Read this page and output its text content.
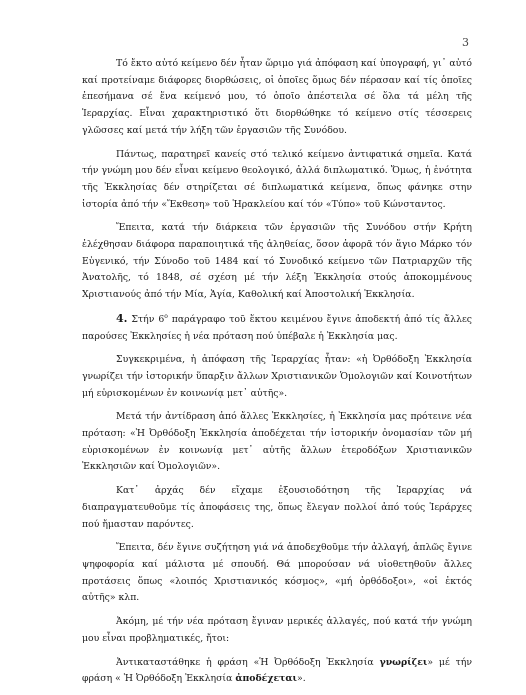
3

Τό ἔκτο αὐτό κείμενο δέν ἦταν ὥριμο γιά ἀπόφαση καί ὑπογραφή, γι᾿ αὐτό καί προτείναμε διάφορες διορθώσεις, οἱ ὁποῖες ὅμως δέν πέρασαν καί τίς ὁποῖες ἐπεσήμανα σέ ἕνα κείμενό μου, τό ὁποῖο ἀπέστειλα σέ ὅλα τά μέλη τῆς Ἱεραρχίας. Εἶναι χαρακτηριστικό ὅτι διορθώθηκε τό κείμενο στίς τέσσερεις γλῶσσες καί μετά τήν λήξη τῶν ἐργασιῶν τῆς Συνόδου.

Πάντως, παρατηρεῖ κανείς στό τελικό κείμενο ἀντιφατικά σημεῖα. Κατά τήν γνώμη μου δέν εἶναι κείμενο θεολογικό, ἀλλά διπλωματικό. Ὅμως, ἡ ἑνότητα τῆς Ἐκκλησίας δέν στηρίζεται σέ διπλωματικά κείμενα, ὅπως φάνηκε στην ἱστορία ἀπό τήν «Ἔκθεση» τοῦ Ἡρακλείου καί τόν «Τύπο» τοῦ Κώνσταντος.

Ἔπειτα, κατά τήν διάρκεια τῶν ἐργασιῶν τῆς Συνόδου στήν Κρήτη ἐλέχθησαν διάφορα παραποιητικά τῆς ἀληθείας, ὅσον ἀφορᾶ τόν ἅγιο Μάρκο τόν Εὐγενικό, τήν Σύνοδο τοῦ 1484 καί τό Συνοδικό κείμενο τῶν Πατριαρχῶν τῆς Ἀνατολῆς, τό 1848, σέ σχέση μέ τήν λέξη Ἐκκλησία στούς ἀποκομμένους Χριστιανούς ἀπό τήν Μία, Ἁγία, Καθολική καί Ἀποστολική Ἐκκλησία.

4. Στήν $6^o$ παράγραφο τοῦ ἕκτου κειμένου ἔγινε ἀποδεκτή ἀπό τίς ἄλλες παρούσες Ἐκκλησίες ἡ νέα πρόταση πού ὑπέβαλε ἡ Ἐκκλησία μας.

Συγκεκριμένα, ἡ ἀπόφαση τῆς Ἱεραρχίας ἦταν: «ἡ Ὀρθόδοξη Ἐκκλησία γνωρίζει τήν ἱστορικήν ὕπαρξιν ἄλλων Χριστιανικῶν Ὁμολογιῶν καί Κοινοτήτων μή εὑρισκομένων ἐν κοινωνίᾳ μετ᾿ αὐτῆς».

Μετά τήν ἀντίδραση ἀπό ἄλλες Ἐκκλησίες, ἡ Ἐκκλησία μας πρότεινε νέα πρόταση: «Ἡ Ὀρθόδοξη Ἐκκλησία ἀποδέχεται τήν ἱστορικήν ὀνομασίαν τῶν μή εὑρισκομένων ἐν κοινωνίᾳ μετ᾿ αὐτῆς ἄλλων ἑτεροδόξων Χριστιανικῶν Ἐκκλησιῶν καί Ὁμολογιῶν».

Κατ᾿ ἀρχάς δέν εἴχαμε ἐξουσιοδότηση τῆς Ἱεραρχίας νά διαπραγματευθοῦμε τίς ἀποφάσεις της, ὅπως ἔλεγαν πολλοί ἀπό τούς Ἱεράρχες πού ἤμασταν παρόντες.

Ἔπειτα, δέν ἔγινε συζήτηση γιά νά ἀποδεχθοῦμε τήν ἀλλαγή, ἁπλῶς ἔγινε ψηφοφορία καί μάλιστα μέ σπουδή. Θά μπορούσαν νά υἱοθετηθοῦν ἄλλες προτάσεις ὅπως «λοιπός Χριστιανικός κόσμος», «μή ὀρθόδοξοι», «οἱ ἐκτός αὐτῆς» κλπ.

Ἀκόμη, μέ τήν νέα πρόταση ἔγιναν μερικές ἀλλαγές, πού κατά τήν γνώμη μου εἶναι προβληματικές, ἤτοι:

Ἀντικαταστάθηκε ἡ φράση «Ἡ Ὀρθόδοξη Ἐκκλησία γνωρίζει» μέ τήν φράση « Ἡ Ὀρθόδοξη Ἐκκλησία ἀποδέχεται».
